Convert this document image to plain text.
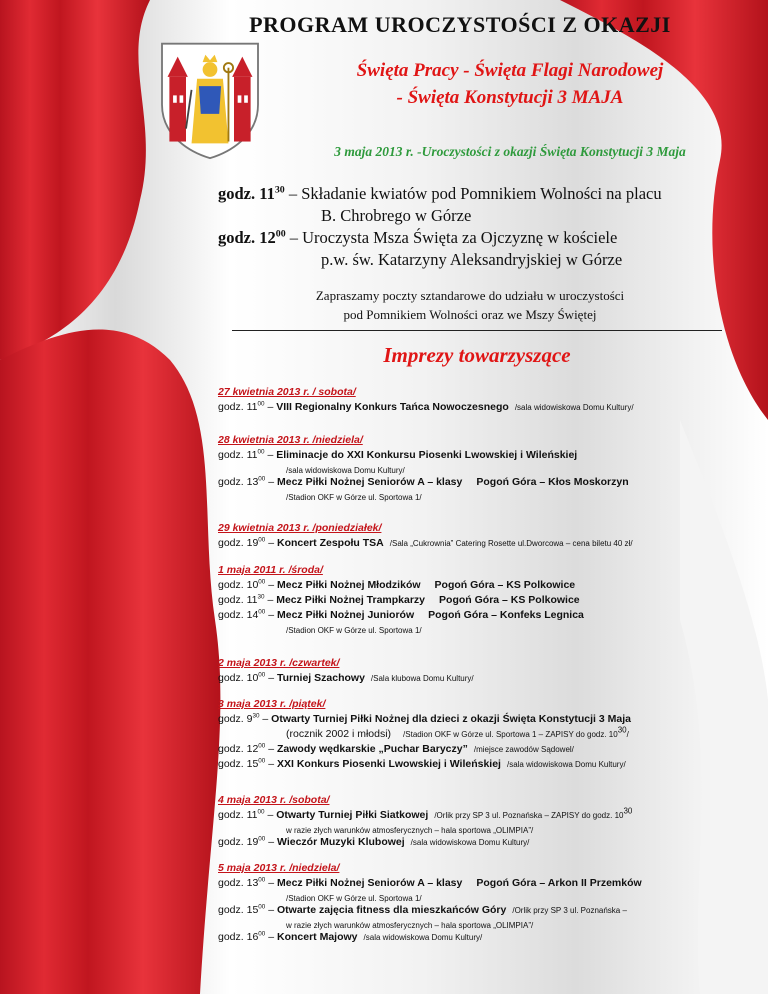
PROGRAM UROCZYSTOŚCI Z OKAZJI
Święta Pracy - Święta Flagi Narodowej
- Święta Konstytucji 3 MAJA
3 maja 2013 r. -Uroczystości z okazji Święta Konstytucji 3 Maja
godz. $11^{30}$ – Składanie kwiatów pod Pomnikiem Wolności na placu
B. Chrobrego w Górze
godz. $12^{00}$ – Uroczysta Msza Święta za Ojczyznę w kościele
p.w. św. Katarzyny Aleksandryjskiej w Górze
Zapraszamy poczty sztandarowe do udziału w uroczystości
pod Pomnikiem Wolności oraz we Mszy Świętej
Imprezy towarzyszące
27 kwietnia 2013 r. / sobota/
godz. $11^{00}$ – VIII Regionalny Konkurs Tańca Nowoczesnego /sala widowiskowa Domu Kultury/
28 kwietnia 2013 r. /niedziela/
godz. $11^{00}$ – Eliminacje do XXI Konkursu Piosenki Lwowskiej i Wileńskiej
/sala widowiskowa Domu Kultury/
godz. $13^{00}$ – Mecz Piłki Nożnej Seniorów A – klasy Pogoń Góra – Kłos Moskorzyn
/Stadion OKF w Górze ul. Sportowa 1/
29 kwietnia 2013 r. /poniedziałek/
godz. $19^{00}$ – Koncert Zespołu TSA /Sala „Cukrownia” Catering Rosette ul.Dworcowa – cena biletu 40 zł/
1 maja 2011 r. /środa/
godz. $10^{00}$ – Mecz Piłki Nożnej Młodzików Pogoń Góra – KS Polkowice
godz. $11^{30}$ – Mecz Piłki Nożnej Trampkarzy Pogoń Góra – KS Polkowice
godz. $14^{00}$ – Mecz Piłki Nożnej Juniorów Pogoń Góra – Konfeks Legnica
/Stadion OKF w Górze ul. Sportowa 1/
2 maja 2013 r. /czwartek/
godz. $10^{00}$ – Turniej Szachowy /Sala klubowa Domu Kultury/
3 maja 2013 r. /piątek/
godz. $9^{30}$ – Otwarty Turniej Piłki Nożnej dla dzieci z okazji Święta Konstytucji 3 Maja
(rocznik 2002 i młodsi) /Stadion OKF w Górze ul. Sportowa 1 – ZAPISY do godz. $10^{30}/$
godz. $12^{00}$ – Zawody wędkarskie „Puchar Baryczy” /miejsce zawodów Sądowel/
godz. $15^{00}$ – XXI Konkurs Piosenki Lwowskiej i Wileńskiej /sala widowiskowa Domu Kultury/
4 maja 2013 r. /sobota/
godz. $11^{00}$ – Otwarty Turniej Piłki Siatkowej /Orlik przy SP 3 ul. Poznańska – ZAPISY do godz. $10^{30}$
w razie złych warunków atmosferycznych – hala sportowa „OLIMPIA”/
godz. $19^{00}$ – Wieczór Muzyki Klubowej /sala widowiskowa Domu Kultury/
5 maja 2013 r. /niedziela/
godz. $13^{00}$ – Mecz Piłki Nożnej Seniorów A – klasy Pogoń Góra – Arkon II Przemków
/Stadion OKF w Górze ul. Sportowa 1/
godz. $15^{00}$ – Otwarte zajęcia fitness dla mieszkańców Góry /Orlik przy SP 3 ul. Poznańska –
w razie złych warunków atmosferycznych – hala sportowa „OLIMPIA”/
godz. $16^{00}$ – Koncert Majowy /sala widowiskowa Domu Kultury/
